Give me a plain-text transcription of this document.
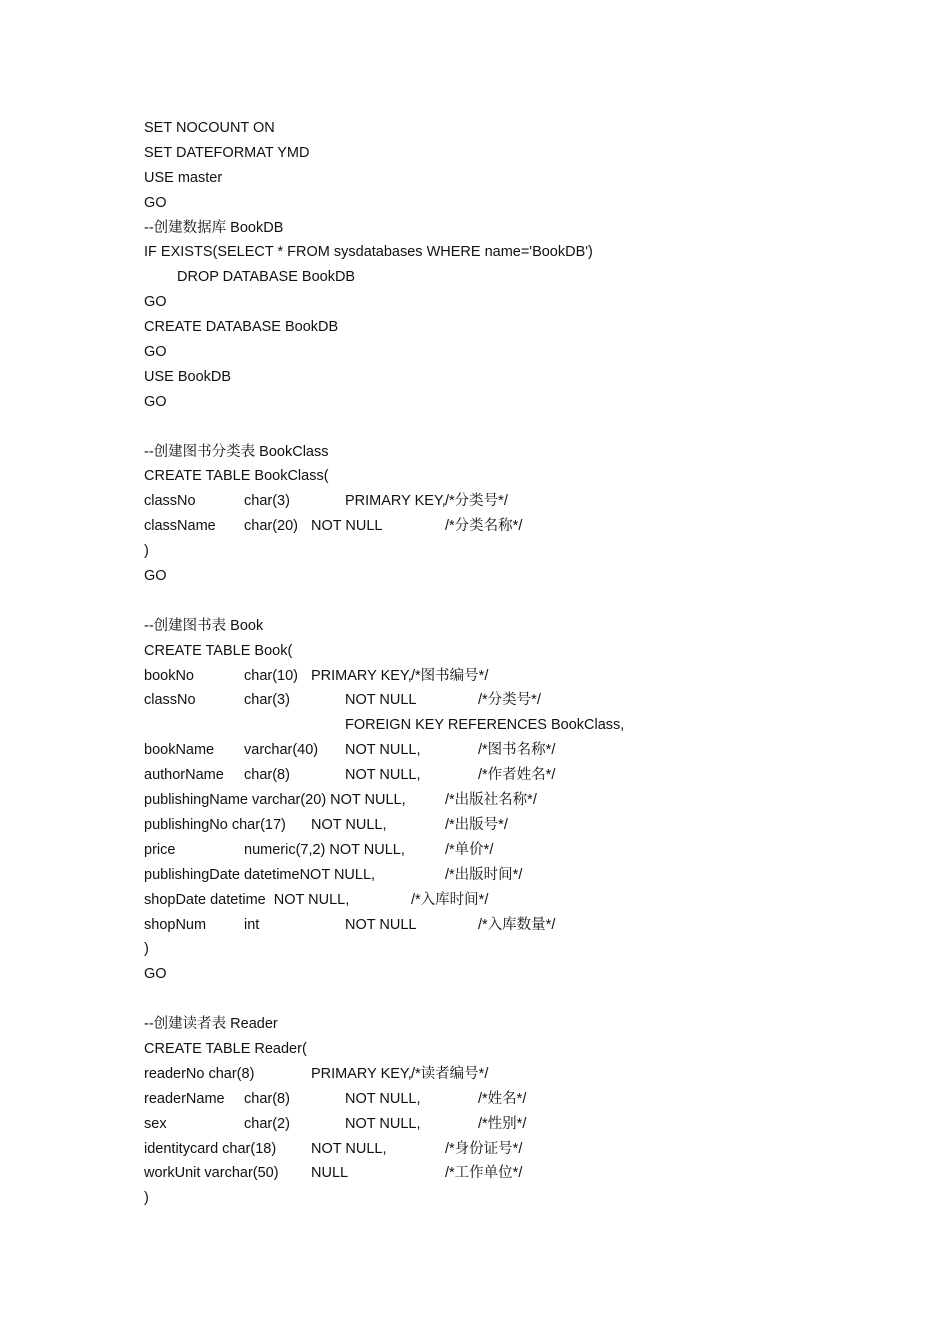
SET NOCOUNT ON
SET DATEFORMAT YMD
USE master
GO
--创建数据库 BookDB
IF EXISTS(SELECT * FROM sysdatabases WHERE name='BookDB')
DROP DATABASE BookDB
GO
CREATE DATABASE BookDB
GO
USE BookDB
GO
--创建图书分类表 BookClass
CREATE TABLE BookClass(
classNo	char(3)	PRIMARY KEY, /*分类号*/
className char(20) NOT NULL	/*分类名称*/
)
GO
--创建图书表 Book
CREATE TABLE Book(
bookNo	char(10) PRIMARY KEY, /*图书编号*/
classNo	char(3)	NOT NULL	/*分类号*/
FOREIGN KEY REFERENCES BookClass,
bookName varchar(40) NOT NULL,	/*图书名称*/
authorName char(8)	NOT NULL,	/*作者姓名*/
publishingName varchar(20) NOT NULL,	/*出版社名称*/
publishingNo char(17) NOT NULL,	/*出版号*/
price	numeric(7,2) NOT NULL,	/*单价*/
publishingDate datetimeNOT NULL,	/*出版时间*/
shopDate datetime  NOT NULL,	/*入库时间*/
shopNum	int	NOT NULL	/*入库数量*/
)
GO
--创建读者表 Reader
CREATE TABLE Reader(
readerNo char(8)	PRIMARY KEY, /*读者编号*/
readerName char(8)	NOT NULL,	/*姓名*/
sex	char(2)	NOT NULL,	/*性别*/
identitycard char(18) NOT NULL,	/*身份证号*/
workUnit varchar(50) NULL	/*工作单位*/
)
